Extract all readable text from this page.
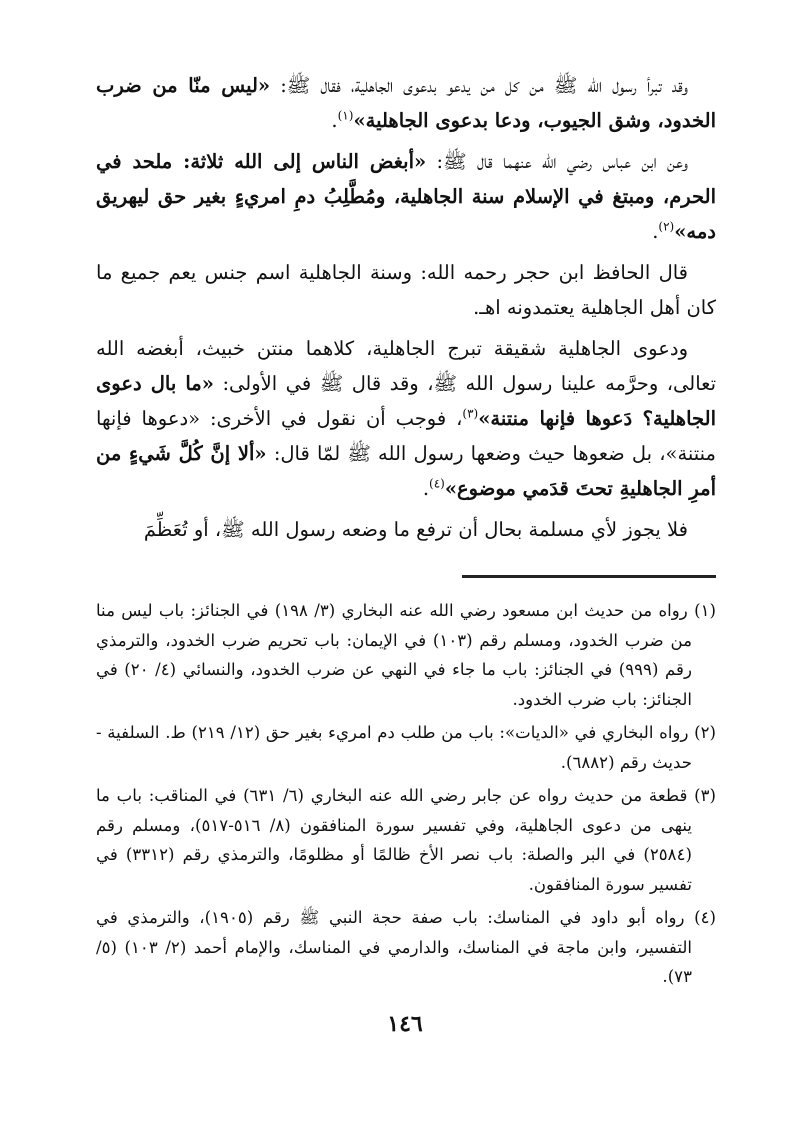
وقد تبرأ رسول الله ﷺ من كل من يدعو بدعوى الجاهلية، فقال ﷺ: «ليس منّا من ضرب الخدود، وشق الجيوب، ودعا بدعوى الجاهلية»$^{(١)}$.

وعن ابن عباس رضي الله عنهما قال ﷺ: «أبغض الناس إلى الله ثلاثة: ملحد في الحرم، ومبتغ في الإسلام سنة الجاهلية، ومُطَّلِبُ دمِ امريءٍ بغير حق ليهريق دمه»$^{(٢)}$.

قال الحافظ ابن حجر رحمه الله: وسنة الجاهلية اسم جنس يعم جميع ما كان أهل الجاهلية يعتمدونه اهـ.

ودعوى الجاهلية شقيقة تبرج الجاهلية، كلاهما منتن خبيث، أبغضه الله تعالى، وحرَّمه علينا رسول الله ﷺ، وقد قال ﷺ في الأولى: «ما بال دعوى الجاهلية؟ دَعوها فإنها منتنة»$^{(٣)}$، فوجب أن نقول في الأخرى: «دعوها فإنها منتنة»، بل ضعوها حيث وضعها رسول الله ﷺ لمّا قال: «ألا إنَّ كُلَّ شَيءٍ من أمرِ الجاهليةِ تحتَ قدَمي موضوع»$^{(٤)}$.

فلا يجوز لأي مسلمة بحال أن ترفع ما وضعه رسول الله ﷺ، أو تُعَظِّمَ

(١) رواه من حديث ابن مسعود رضي الله عنه البخاري (٣/ ١٩٨) في الجنائز: باب ليس منا من ضرب الخدود، ومسلم رقم (١٠٣) في الإيمان: باب تحريم ضرب الخدود، والترمذي رقم (٩٩٩) في الجنائز: باب ما جاء في النهي عن ضرب الخدود، والنسائي (٤/ ٢٠) في الجنائز: باب ضرب الخدود.

(٢) رواه البخاري في «الديات»: باب من طلب دم امريء بغير حق (١٢/ ٢١٩) ط. السلفية - حديث رقم (٦٨٨٢).

(٣) قطعة من حديث رواه عن جابر رضي الله عنه البخاري (٦/ ٦٣١) في المناقب: باب ما ينهى من دعوى الجاهلية، وفي تفسير سورة المنافقون (٨/ ٥١٦-٥١٧)، ومسلم رقم (٢٥٨٤) في البر والصلة: باب نصر الأخ ظالمًا أو مظلومًا، والترمذي رقم (٣٣١٢) في تفسير سورة المنافقون.

(٤) رواه أبو داود في المناسك: باب صفة حجة النبي ﷺ رقم (١٩٠٥)، والترمذي في التفسير، وابن ماجة في المناسك، والدارمي في المناسك، والإمام أحمد (٢/ ١٠٣) (٥/ ٧٣).

١٤٦
